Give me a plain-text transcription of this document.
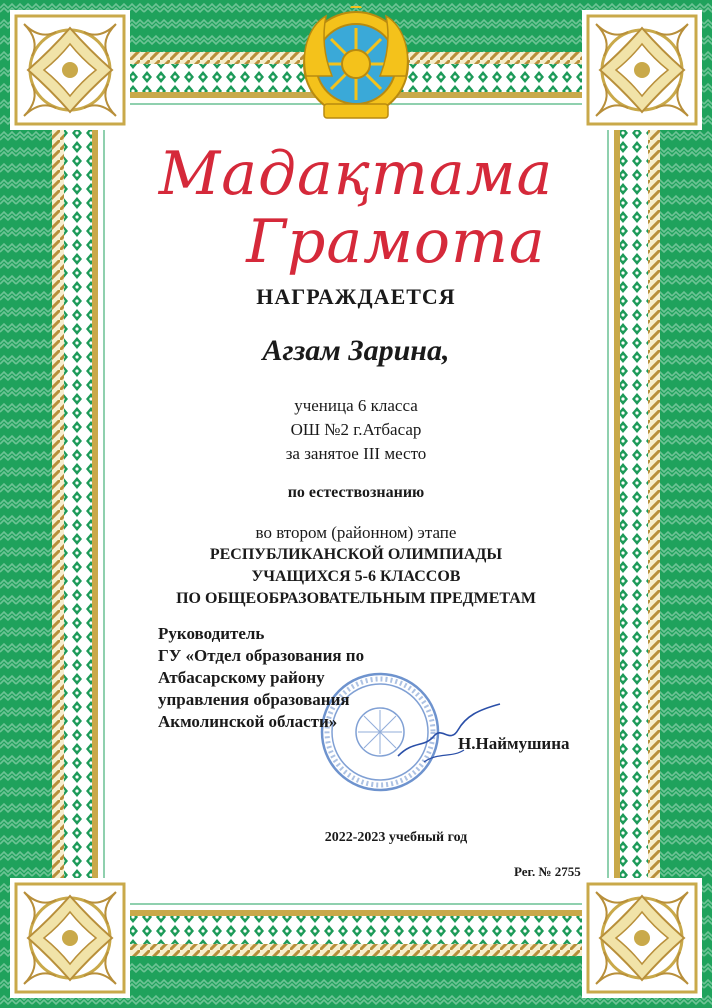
Мадақтама
Грамота
НАГРАЖДАЕТСЯ
Агзам Зарина,
ученица 6 класса
ОШ №2 г.Атбасар
за занятое III место
по естествознанию
во втором (районном) этапе
РЕСПУБЛИКАНСКОЙ ОЛИМПИАДЫ
УЧАЩИХСЯ 5-6 КЛАССОВ
ПО ОБЩЕОБРАЗОВАТЕЛЬНЫМ ПРЕДМЕТАМ
Руководитель
ГУ «Отдел образования по
Атбасарскому району
управления образования
Акмолинской области»
Н.Наймушина
2022-2023 учебный год
Рег. № 2755
